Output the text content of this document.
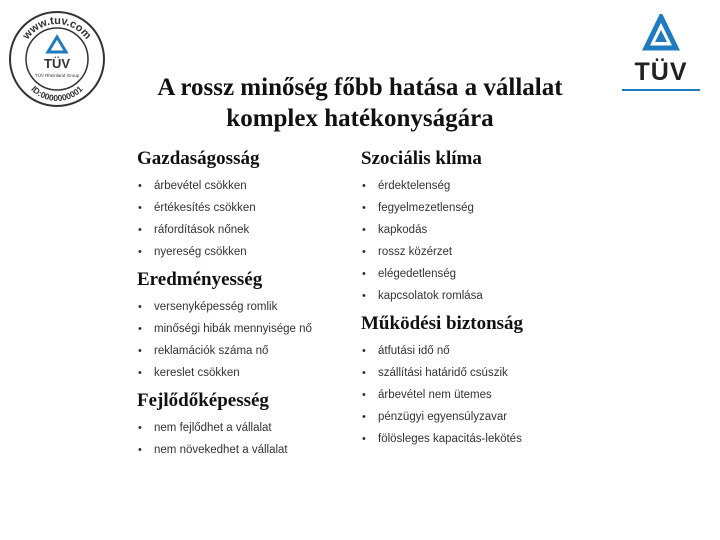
www.tuv.com
ID:0000000001
TÜV
TÜV Rheinland Group	TÜV
A rossz minőség főbb hatása a vállalat
komplex hatékonyságára
Gazdaságosság
• árbevétel csökken
• értékesítés csökken
• ráfordítások nőnek
• nyereség csökken
Eredményesség
• versenyképesség romlik
• minőségi hibák mennyisége nő
• reklamációk száma nő
• kereslet csökken
Fejlődőképesség
• nem fejlődhet a vállalat
• nem növekedhet a vállalat
Szociális klíma
• érdektelenség
• fegyelmezetlenség
• kapkodás
• rossz közérzet
• elégedetlenség
• kapcsolatok romlása
Működési biztonság
• átfutási idő nő
• szállítási határidő csúszik
• árbevétel nem ütemes
• pénzügyi egyensúlyzavar
• fölösleges kapacitás-lekötés
